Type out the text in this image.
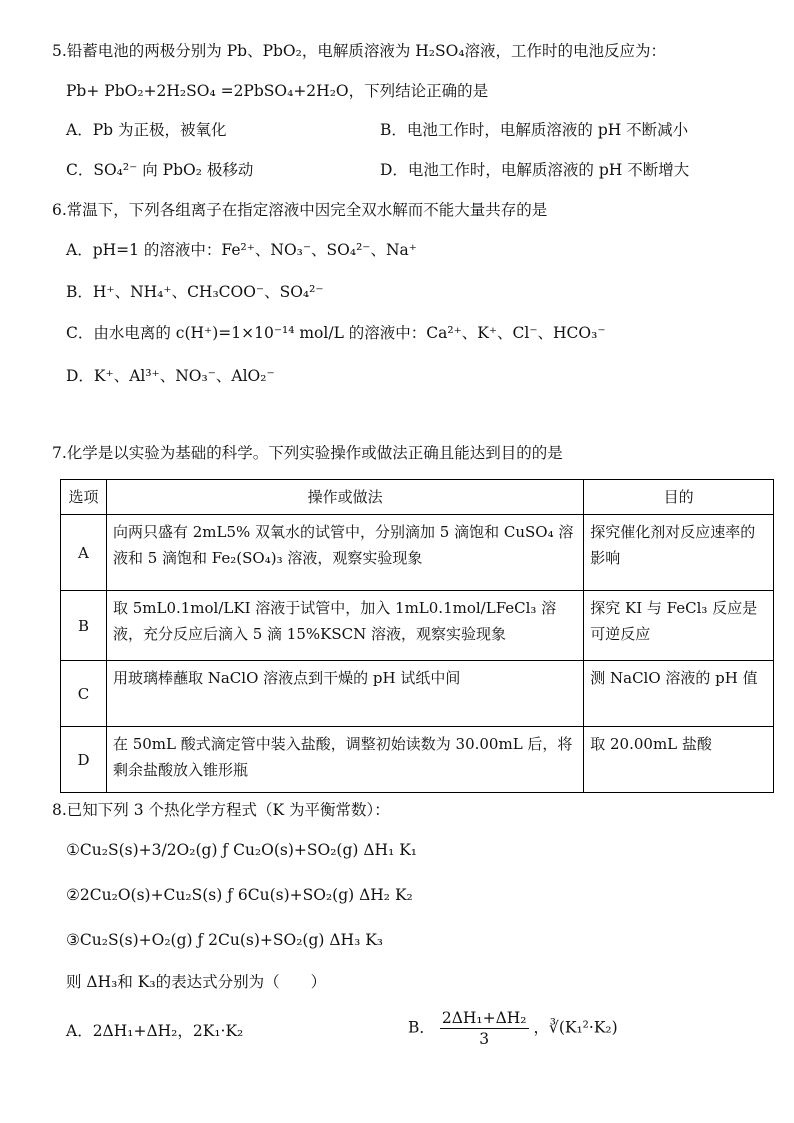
5.铅蓄电池的两极分别为 Pb、PbO₂，电解质溶液为 H₂SO₄溶液，工作时的电池反应为：
Pb+ PbO₂+2H₂SO₄ =2PbSO₄+2H₂O，下列结论正确的是
A．Pb 为正极，被氧化	B．电池工作时，电解质溶液的 pH 不断减小
C．SO₄²⁻ 向 PbO₂ 极移动	D．电池工作时，电解质溶液的 pH 不断增大
6.常温下，下列各组离子在指定溶液中因完全双水解而不能大量共存的是
A．pH=1 的溶液中：Fe²⁺、NO₃⁻、SO₄²⁻、Na⁺
B．H⁺、NH₄⁺、CH₃COO⁻、SO₄²⁻
C．由水电离的 c(H⁺)=1×10⁻¹⁴ mol/L 的溶液中：Ca²⁺、K⁺、Cl⁻、HCO₃⁻
D．K⁺、Al³⁺、NO₃⁻、AlO₂⁻
7.化学是以实验为基础的科学。下列实验操作或做法正确且能达到目的的是
选项	操作或做法	目的
A	向两只盛有 2mL5% 双氧水的试管中，分别滴加 5 滴饱和 CuSO₄ 溶液和 5 滴饱和 Fe₂(SO₄)₃ 溶液，观察实验现象	探究催化剂对反应速率的影响
B	取 5mL0.1mol/LKI 溶液于试管中，加入 1mL0.1mol/LFeCl₃ 溶液，充分反应后滴入 5 滴 15%KSCN 溶液，观察实验现象	探究 KI 与 FeCl₃ 反应是可逆反应
C	用玻璃棒蘸取 NaClO 溶液点到干燥的 pH 试纸中间	测 NaClO 溶液的 pH 值
D	在 50mL 酸式滴定管中装入盐酸，调整初始读数为 30.00mL 后，将剩余盐酸放入锥形瓶	取 20.00mL 盐酸
8.已知下列 3 个热化学方程式（K 为平衡常数）：
①Cu₂S(s)+3/2O₂(g) ƒ Cu₂O(s)+SO₂(g) ΔH₁ K₁
②2Cu₂O(s)+Cu₂S(s) ƒ 6Cu(s)+SO₂(g) ΔH₂ K₂
③Cu₂S(s)+O₂(g) ƒ 2Cu(s)+SO₂(g) ΔH₃ K₃
则 ΔH₃和 K₃的表达式分别为（　　）
A．2ΔH₁+ΔH₂，2K₁·K₂	B． $\frac{\text{2ΔH₁+ΔH₂}}{3}$ ，∛(K₁²·K₂)
